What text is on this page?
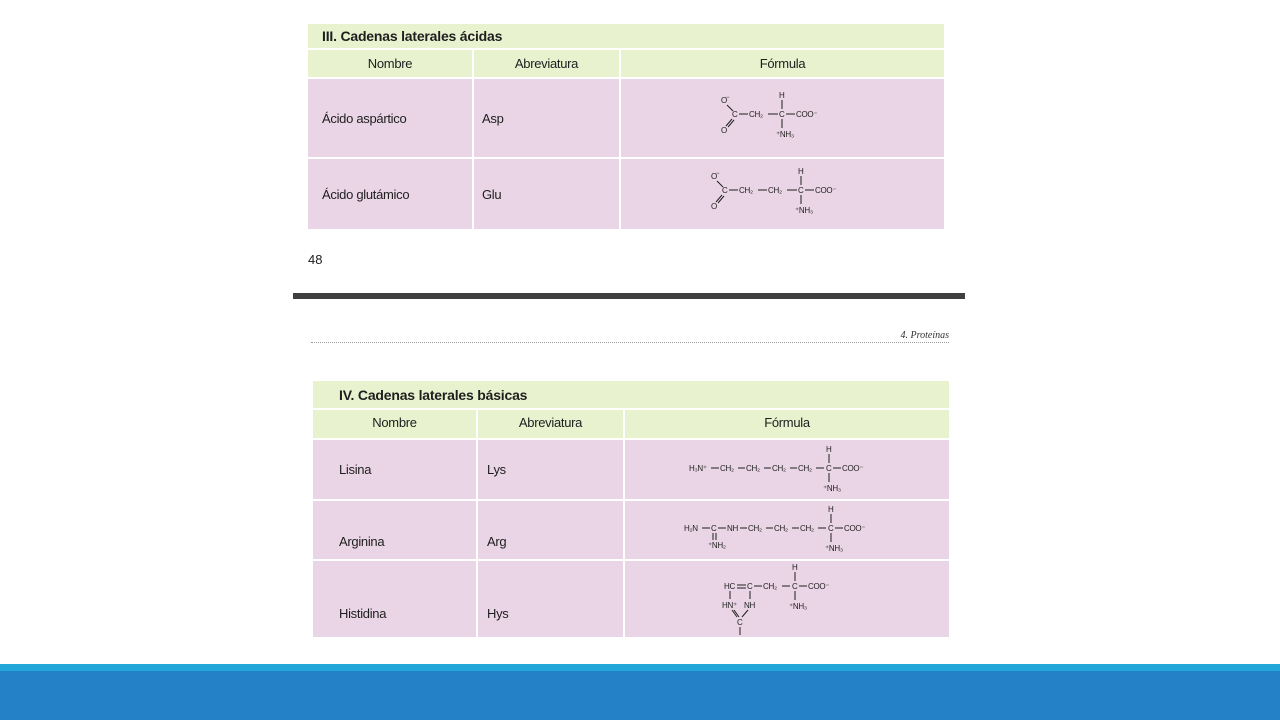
III. Cadenas laterales ácidas
Nombre	Abreviatura	Fórmula
Ácido aspártico	Asp
O −
C
O
CH₂
H
C COO⁻
⁺NH₃
Ácido glutámico	Glu
O −
C
O
CH₂ CH₂
H
C COO⁻
⁺NH₃
48
4. Proteínas
IV. Cadenas laterales básicas
Nombre	Abreviatura	Fórmula
Lisina	Lys	H₃N⁺ CH₂ CH₂ CH₂ CH₂
H
C COO⁻
⁺NH₃
Arginina	Arg
H₂N C
⁺NH₂
NH CH₂ CH₂ CH₂
H
C COO⁻
⁺NH₃
Histidina	Hys
HC C CH₂
H
C COO⁻
⁺NH₃
HN⁺ NH
C
